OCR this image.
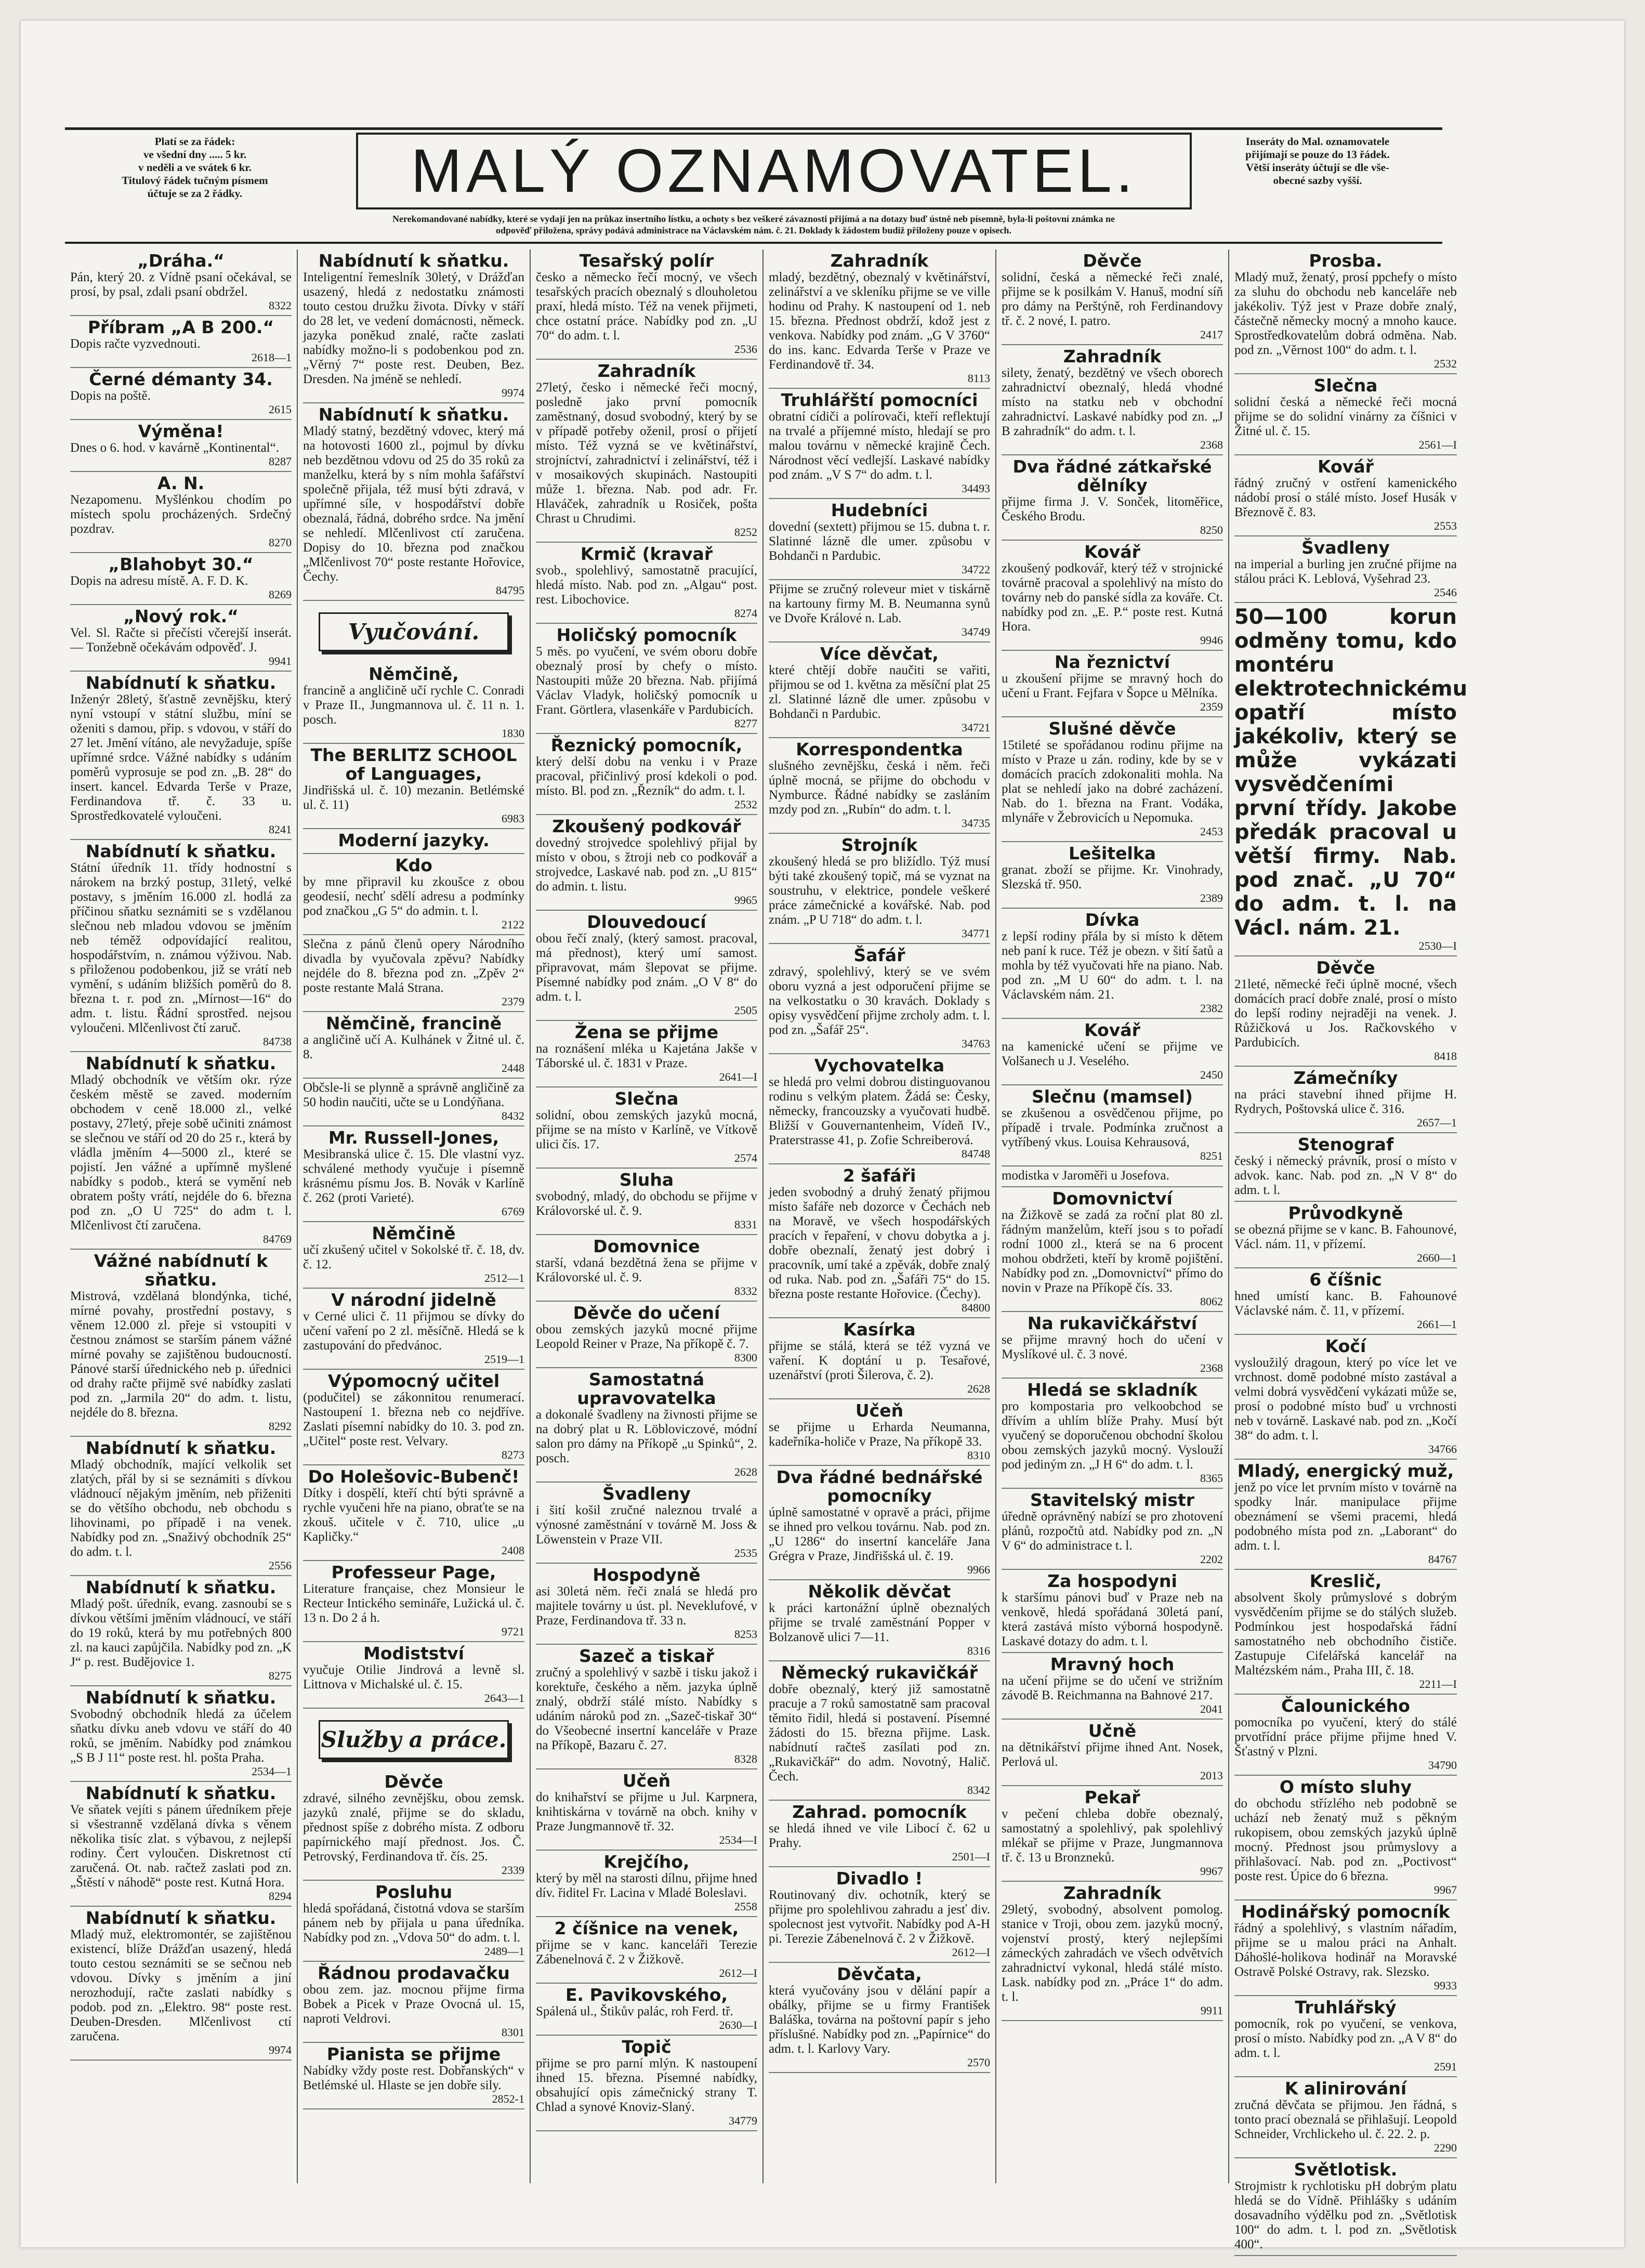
Platí se za řádek:
ve všední dny ..... 5 kr.
v neděli a ve svátek 6 kr.
Titulový řádek tučným písmem
účtuje se za 2 řádky.	MALÝ OZNAMOVATEL.	Inseráty do Mal. oznamovatele
přijímají se pouze do 13 řádek.
Větší inseráty účtují se dle vše-
obecné sazby vyšší.
Nerekomandované nabídky, které se vydají jen na průkaz insertního lístku, a ochoty s bez veškeré závaznosti přijímá a na dotazy buď ústně neb písemně, byla-li poštovní známka ne
odpověď přiložena, správy podává administrace na Václavském nám. č. 21. Doklady k žádostem budiž přiloženy pouze v opisech.
„Dráha.“

Pán, který 20. z Vídně psaní očekával, se prosí, by psal, zdali psaní obdržel.

8322
Příbram „A B 200.“

Dopis račte vyzvednouti.

2618—1
Černé démanty 34.

Dopis na poště.

2615
Výměna!

Dnes o 6. hod. v kavárně „Kontinental“.

8287
A. N.

Nezapomenu. Myšlénkou chodím po místech spolu procházených. Srdečný pozdrav.

8270
„Blahobyt 30.“

Dopis na adresu místě. A. F. D. K.

8269
„Nový rok.“

Vel. Sl. Račte si přečísti včerejší inserát. — Tonžebně očekávám odpověď. J.

9941
Nabídnutí k sňatku.

Inženýr 28letý, šťastně zevnějšku, který nyní vstoupí v státní službu, míní se oženiti s damou, přip. s vdovou, v stáří do 27 let. Jmění vítáno, ale nevyžaduje, spíše upřímné srdce. Vážné nabídky s udáním poměrů vyprosuje se pod zn. „B. 28“ do insert. kancel. Edvarda Terše v Praze, Ferdinandova tř. č. 33 u. Sprostředkovatelé vyloučeni.

8241
Nabídnutí k sňatku.

Státní úředník 11. třídy hodnostní s nárokem na brzký postup, 31letý, velké postavy, s jměním 16.000 zl. hodlá za příčinou sňatku seznámiti se s vzdělanou slečnou neb mladou vdovou se jměním neb téměž odpovídající realitou, hospodářstvím, n. známou výživou. Nab. s přiloženou podobenkou, již se vrátí neb vymění, s udáním bližších poměrů do 8. března t. r. pod zn. „Mírnost—16“ do adm. t. listu. Řádní sprostřed. nejsou vyloučeni. Mlčenlivost čtí zaruč.

84738
Nabídnutí k sňatku.

Mladý obchodník ve větším okr. rýze českém městě se zaved. moderním obchodem v ceně 18.000 zl., velké postavy, 27letý, přeje sobě učiniti známost se slečnou ve stáří od 20 do 25 r., která by vládla jměním 4—5000 zl., které se pojistí. Jen vážné a upřímně myšlené nabídky s podob., která se vymění neb obratem pošty vrátí, nejdéle do 6. března pod zn. „O U 725“ do adm t. l. Mlčenlivost čtí zaručena.

84769
Vážné nabídnutí k sňatku.

Mistrová, vzdělaná blondýnka, tiché, mírné povahy, prostřední postavy, s věnem 12.000 zl. přeje si vstoupiti v čestnou známost se starším pánem vážné mírné povahy se zajištěnou budoucností. Pánové starší úřednického neb p. úřednici od drahy račte přijmě své nabídky zaslati pod zn. „Jarmila 20“ do adm. t. listu, nejdéle do 8. března.

8292
Nabídnutí k sňatku.

Mladý obchodník, mající velkolik set zlatých, přál by si se seznámiti s dívkou vládnoucí nějakým jměním, neb přiženiti se do většího obchodu, neb obchodu s lihovinami, po případě i na venek. Nabídky pod zn. „Snaživý obchodník 25“ do adm. t. l.

2556
Nabídnutí k sňatku.

Mladý pošt. úředník, evang. zasnoubí se s dívkou většími jměním vládnoucí, ve stáří do 19 roků, která by mu potřebných 800 zl. na kauci zapůjčila. Nabídky pod zn. „K J“ p. rest. Budějovice 1.

8275
Nabídnutí k sňatku.

Svobodný obchodník hledá za účelem sňatku dívku aneb vdovu ve stáří do 40 roků, se jměním. Nabídky pod známkou „S B J 11“ poste rest. hl. pošta Praha.

2534—1
Nabídnutí k sňatku.

Ve sňatek vejíti s pánem úředníkem přeje si všestranně vzdělaná dívka s věnem několika tisíc zlat. s výbavou, z nejlepší rodiny. Čert vyloučen. Diskretnost ctí zaručená. Ot. nab. račtež zaslati pod zn. „Štěstí v náhodě“ poste rest. Kutná Hora.

8294
Nabídnutí k sňatku.

Mladý muž, elektromontér, se zajištěnou existencí, blíže Drážďan usazený, hledá touto cestou seznámiti se se sečnou neb vdovou. Dívky s jměním a jiní nerozhodují, račte zaslati nabídky s podob. pod zn. „Elektro. 98“ poste rest. Deuben-Dresden. Mlčenlivost ctí zaručena.

9974
Nabídnutí k sňatku.

Inteligentní řemeslník 30letý, v Drážďan usazený, hledá z nedostatku známosti touto cestou družku života. Dívky v stáří do 28 let, ve vedení domácnosti, německ. jazyka poněkud znalé, račte zaslati nabídky možno-li s podobenkou pod zn. „Věrný 7“ poste rest. Deuben, Bez. Dresden. Na jméně se nehledí.

9974
Nabídnutí k sňatku.

Mladý statný, bezdětný vdovec, který má na hotovosti 1600 zl., pojmul by dívku neb bezdětnou vdovu od 25 do 35 roků za manželku, která by s ním mohla šafářství společně přijala, též musí býti zdravá, v upřímné síle, v hospodářství dobře obeznalá, řádná, dobrého srdce. Na jmění se nehledí. Mlčenlivost ctí zaručena. Dopisy do 10. března pod značkou „Mlčenlivost 70“ poste restante Hořovice, Čechy.

84795
Vyučování.
Němčině,

francině a angličině učí rychle C. Conradi v Praze II., Jungmannova ul. č. 11 n. 1. posch.

1830
The BERLITZ SCHOOL of Languages,

Jindřišská ul. č. 10) mezanin. Betlémské ul. č. 11)

6983
Moderní jazyky.
Kdo

by mne připravil ku zkoušce z obou geodesií, nechť sdělí adresu a podmínky pod značkou „G 5“ do admin. t. l.

2122

Slečna z pánů členů opery Národního divadla by vyučovala zpěvu? Nabídky nejdéle do 8. března pod zn. „Zpěv 2“ poste restante Malá Strana.

2379
Němčině, francině

a angličině učí A. Kulhánek v Žitné ul. č. 8.

2448

Občsle-li se plynně a správně angličině za 50 hodin naučiti, učte se u Londýňana.

8432
Mr. Russell-Jones,

Mesibranská ulice č. 15. Dle vlastní vyz. schválené methody vyučuje i písemně krásnému písmu Jos. B. Novák v Karlíně č. 262 (proti Varieté).

6769
Němčině

učí zkušený učitel v Sokolské tř. č. 18, dv. č. 12.

2512—1
V národní jidelně

v Cerné ulici č. 11 přijmou se dívky do učení vaření po 2 zl. měsíčně. Hledá se k zastupování do předvánoc.

2519—1
Výpomocný učitel

(podučitel) se zákonnitou renumerací. Nastoupení 1. března neb co nejdříve. Zaslati písemní nabídky do 10. 3. pod zn. „Učitel“ poste rest. Velvary.

8273
Do Holešovic-Bubenč!

Dítky i dospělí, kteří chtí býti správně a rychle vyučeni hře na piano, obraťte se na zkouš. učitele v č. 710, ulice „u Kapličky.“

2408
Professeur Page,

Literature française, chez Monsieur le Recteur Intického semináře, Lužická ul. č. 13 n. Do 2 á h.

9721
Modistství

vyučuje Otilie Jindrová a levně sl. Littnova v Michalské ul. č. 15.

2643—1
Služby a práce.
Děvče

zdravé, silného zevnějšku, obou zemsk. jazyků znalé, přijme se do skladu, přednost spíše z dobrého místa. Z odboru papírnického mají přednost. Jos. Č. Petrovský, Ferdinandova tř. čís. 25.

2339
Posluhu

hledá spořádaná, čistotná vdova se starším pánem neb by přijala u pana úředníka. Nabídky pod zn. „Vdova 50“ do adm. t. l.

2489—1
Řádnou prodavačku

obou zem. jaz. mocnou přijme firma Bobek a Picek v Praze Ovocná ul. 15, naproti Veldrovi.

8301
Pianista se přijme

Nabídky vždy poste rest. Dobřanských“ v Betlémské ul. Hlaste se jen dobře sily.

2852-1
Tesařský polír

česko a německo řečí mocný, ve všech tesařských pracích obeznalý s dlouholetou praxí, hledá místo. Též na venek přijmeti, chce ostatní práce. Nabídky pod zn. „U 70“ do adm. t. l.

2536
Zahradník

27letý, česko i německé řeči mocný, posledně jako první pomocník zaměstnaný, dosud svobodný, který by se v případě potřeby oženil, prosí o přijetí místo. Též vyzná se ve květinářství, strojníctví, zahradnictví i zelinářství, též i v mosaikových skupinách. Nastoupiti může 1. března. Nab. pod adr. Fr. Hlaváček, zahradník u Rosiček, pošta Chrast u Chrudimi.

8252
Krmič (kravař

svob., spolehlivý, samostatně pracující, hledá místo. Nab. pod zn. „Algau“ post. rest. Libochovice.

8274
Holičský pomocník

5 měs. po vyučení, ve svém oboru dobře obeznalý prosí by chefy o místo. Nastoupiti může 20 března. Nab. přijímá Václav Vladyk, holičský pomocník u Frant. Görtlera, vlasenkáře v Pardubicích.

8277
Řeznický pomocník,

který delší dobu na venku i v Praze pracoval, přičinlivý prosí kdekoli o pod. místo. Bl. pod zn. „Řezník“ do adm. t. l.

2532
Zkoušený podkovář

dovedný strojvedce spolehlivý přijal by místo v obou, s žtroji neb co podkovář a strojvedce, Laskavé nab. pod zn. „U 815“ do admin. t. listu.

9965
Dlouvedoucí

obou řečí znalý, (který samost. pracoval, má přednost), který umí samost. připravovat, mám šlepovat se přijme. Písemné nabídky pod znám. „O V 8“ do adm. t. l.

2505
Žena se přijme

na roznášení mléka u Kajetána Jakše v Táborské ul. č. 1831 v Praze.

2641—I
Slečna

solidní, obou zemských jazyků mocná, přijme se na místo v Karlíně, ve Vítkově ulici čís. 17.

2574
Sluha

svobodný, mladý, do obchodu se přijme v Královorské ul. č. 9.

8331
Domovnice

starší, vdaná bezdětná žena se přijme v Královorské ul. č. 9.

8332
Děvče do učení

obou zemských jazyků mocné přijme Leopold Reiner v Praze, Na příkopě č. 7.

8300
Samostatná upravovatelka

a dokonalé švadleny na živnosti přijme se na dobrý plat u R. Löbloviczové, módní salon pro dámy na Příkopě „u Spinků“, 2. posch.

2628
Švadleny

i šití košil zručné naleznou trvalé a výnosné zaměstnání v továrně M. Joss & Löwenstein v Praze VII.

2535
Hospodyně

asi 30letá něm. řeči znalá se hledá pro majitele továrny u úst. pl. Neveklufové, v Praze, Ferdinandova tř. 33 n.

8253
Sazeč a tiskař

zručný a spolehlivý v sazbě i tisku jakož i korektuře, českého a něm. jazyka úplně znalý, obdrží stálé místo. Nabídky s udáním nároků pod zn. „Sazeč-tiskař 30“ do Všeobecné insertní kanceláře v Praze na Příkopě, Bazaru č. 27.

8328
Učeň

do knihařství se přijme u Jul. Karpnera, knihtiskárna v továrně na obch. knihy v Praze Jungmannově tř. 32.

2534—I
Krejčího,

který by měl na starosti dílnu, přijme hned dív. řiditel Fr. Lacina v Mladé Boleslavi.

2558
2 číšnice na venek,

přijme se v kanc. kanceláři Terezie Zábenelnová č. 2 v Žižkově.

2612—I
E. Pavikovského,

Spálená ul., Štikův palác, roh Ferd. tř.

2630—I
Topič

přijme se pro parní mlýn. K nastoupení ihned 15. března. Písemné nabídky, obsahující opis zámečnický strany T. Chlad a synové Knoviz-Slaný.

34779
Zahradník

mladý, bezdětný, obeznalý v květinářství, zelinářství a ve skleníku přijme se ve ville hodinu od Prahy. K nastoupení od 1. neb 15. března. Přednost obdrží, kdož jest z venkova. Nabídky pod znám. „G V 3760“ do ins. kanc. Edvarda Terše v Praze ve Ferdinandově tř. 34.

8113
Truhlářští pomocníci

obratní cídiči a polírovači, kteří reflektují na trvalé a příjemné místo, hledají se pro malou továrnu v německé krajině Čech. Národnost věcí vedlejší. Laskavé nabídky pod znám. „V S 7“ do adm. t. l.

34493
Hudebníci

dovední (sextett) přijmou se 15. dubna t. r. Slatinné lázně dle umer. způsobu v Bohdanči n Pardubic.

34722

Přijme se zručný roleveur miet v tiskárně na kartouny firmy M. B. Neumanna synů ve Dvoře Králové n. Lab.

34749
Více děvčat,

které chtějí dobře naučiti se vařiti, přijmou se od 1. května za měsíční plat 25 zl. Slatinné lázně dle umer. způsobu v Bohdanči n Pardubic.

34721
Korrespondentka

slušného zevnějšku, česká i něm. řeči úplně mocná, se přijme do obchodu v Nymburce. Řádné nabídky se zasláním mzdy pod zn. „Rubín“ do adm. t. l.

34735
Strojník

zkoušený hledá se pro bližídlo. Týž musí býti také zkoušený topič, má se vyznat na soustruhu, v elektrice, pondele veškeré práce zámečnické a kovářské. Nab. pod znám. „P U 718“ do adm. t. l.

34771
Šafář

zdravý, spolehlivý, který se ve svém oboru vyzná a jest odporučení přijme se na velkostatku o 30 kravách. Doklady s opisy vysvědčení přijme zrcholy adm. t. l. pod zn. „Šafář 25“.

34763
Vychovatelka

se hledá pro velmi dobrou distinguovanou rodinu s velkým platem. Žádá se: Česky, německy, francouzsky a vyučovati hudbě. Bližší v Gouvernantenheim, Vídeň IV., Praterstrasse 41, p. Zofie Schreiberová.

84748
2 šafáři

jeden svobodný a druhý ženatý přijmou místo šafáře neb dozorce v Čechách neb na Moravě, ve všech hospodářských pracích v řepaření, v chovu dobytka a j. dobře obeznalí, ženatý jest dobrý i pracovník, umí také a zpěvák, dobře znalý od ruka. Nab. pod zn. „Šafáři 75“ do 15. března poste restante Hořovice. (Čechy).

84800
Kasírka

přijme se stálá, která se též vyzná ve vaření. K doptání u p. Tesařové, uzenářství (proti Šilerova, č. 2).

2628
Učeň

se přijme u Erharda Neumanna, kadeřníka-holiče v Praze, Na příkopě 33.

8310
Dva řádné bednářské pomocníky

úplně samostatné v opravě a práci, přijme se ihned pro velkou továrnu. Nab. pod zn. „U 1286“ do insertní kanceláře Jana Grégra v Praze, Jindřišská ul. č. 19.

9966
Několik děvčat

k práci kartonážní úplně obeznalých přijme se trvalé zaměstnání Popper v Bolzanově ulici 7—11.

8316
Německý rukavičkář

dobře obeznalý, který již samostatně pracuje a 7 roků samostatně sam pracoval těmito řidil, hledá si postavení. Písemné žádosti do 15. března přijme. Lask. nabídnutí račteš zasílati pod zn. „Rukavičkář“ do adm. Novotný, Halič. Čech.

8342
Zahrad. pomocník

se hledá ihned ve vile Libocí č. 62 u Prahy.

2501—I
Divadlo !

Routinovaný div. ochotník, který se přijme pro spolehlivou zahradu a jesť div. spolecnost jest vytvořit. Nabídky pod A-H pi. Terezie Zábenelnová č. 2 v Žižkově.

2612—I
Děvčata,

která vyučovány jsou v dělání papír a obálky, přijme se u firmy František Baláška, továrna na poštovní papír s jeho příslušné. Nabídky pod zn. „Papírnice“ do adm. t. l. Karlovy Vary.

2570
Děvče

solidní, česká a německé řeči znalé, přijme se k posilkám V. Hanuš, modní síň pro dámy na Perštýně, roh Ferdinandovy tř. č. 2 nové, I. patro.

2417
Zahradník

silety, ženatý, bezdětný ve všech oborech zahradnictví obeznalý, hledá vhodné místo na statku neb v obchodní zahradnictví. Laskavé nabídky pod zn. „J B zahradník“ do adm. t. l.

2368
Dva řádné zátkařské dělníky

přijme firma J. V. Sonček, litoměřice, Českého Brodu.

8250
Kovář

zkoušený podkovář, který též v strojnické továrně pracoval a spolehlivý na místo do továrny neb do panské sídla za kováře. Ct. nabídky pod zn. „E. P.“ poste rest. Kutná Hora.

9946
Na řeznictví

u zkoušení přijme se mravný hoch do učení u Frant. Fejfara v Šopce u Mělníka.

2359
Slušné děvče

15tileté se spořádanou rodinu přijme na místo v Praze u zán. rodiny, kde by se v domácích pracích zdokonaliti mohla. Na plat se nehledí jako na dobré zacházení. Nab. do 1. března na Frant. Vodáka, mlynáře v Žebrovicích u Nepomuka.

2453
Lešitelka

granat. zboží se přijme. Kr. Vinohrady, Slezská tř. 950.

2389
Dívka

z lepší rodiny přála by si místo k dětem neb paní k ruce. Též je obezn. v šití šatů a mohla by též vyučovati hře na piano. Nab. pod zn. „M U 60“ do adm. t. l. na Václavském nám. 21.

2382
Kovář

na kamenické učení se přijme ve Volšanech u J. Veselého.

2450
Slečnu (mamsel)

se zkušenou a osvědčenou přijme, po případě i trvale. Podmínka zručnost a vytříbený vkus. Louisa Kehrausová,

8251

modistka v Jaroměři u Josefova.

Domovnictví

na Žižkově se zadá za roční plat 80 zl. řádným manželům, kteří jsou s to pořadí rodní 1000 zl., která se na 6 procent mohou obdržeti, kteří by kromě pojištění. Nabídky pod zn. „Domovnictví“ přímo do novin v Praze na Příkopě čís. 33.

8062
Na rukavičkářství

se přijme mravný hoch do učení v Myslíkové ul. č. 3 nové.

2368
Hledá se skladník

pro kompostaria pro velkoobchod se dřívím a uhlím blíže Prahy. Musí být vyučený se doporučenou obchodní školou obou zemských jazyků mocný. Vyslouží pod jediným zn. „J H 6“ do adm. t. l.

8365
Stavitelský mistr

úředně oprávněný nabízí se pro zhotovení plánů, rozpočtů atd. Nabídky pod zn. „N V 6“ do administrace t. l.

2202
Za hospodyni

k staršímu pánovi buď v Praze neb na venkově, hledá spořádaná 30letá paní, která zastává místo výborná hospodyně. Laskavé dotazy do adm. t. l.

Mravný hoch

na učení přijme se do učení ve strižním závodě B. Reichmanna na Bahnové 217.

2041
Učně

na dětnikářství přijme ihned Ant. Nosek, Perlová ul.

2013
Pekař

v pečení chleba dobře obeznalý, samostatný a spolehlivý, pak spolehlivý mlékař se přijme v Praze, Jungmannova tř. č. 13 u Bronzneků.

9967
Zahradník

29letý, svobodný, absolvent pomolog. stanice v Troji, obou zem. jazyků mocný, vojenství prostý, který nejlepšími zámeckých zahradách ve všech odvětvích zahradnictví vykonal, hledá stálé místo. Lask. nabídky pod zn. „Práce 1“ do adm. t. l.

9911
Prosba.

Mladý muž, ženatý, prosí ppchefy o místo za sluhu do obchodu neb kanceláře neb jakékoliv. Týž jest v Praze dobře znalý, částečně německy mocný a mnoho kauce. Sprostředkovatelům dobrá odměna. Nab. pod zn. „Věrnost 100“ do adm. t. l.

2532
Slečna

solidní česká a německé řeči mocná přijme se do solidní vinárny za číšnici v Žitné ul. č. 15.

2561—I
Kovář

řádný zručný v ostření kamenického nádobí prosí o stálé místo. Josef Husák v Březnově č. 83.

2553
Švadleny

na imperial a burling jen zručné přijme na stálou práci K. Leblová, Vyšehrad 23.

2546
50—100 korun odměny tomu, kdo montéru elektrotechnickému opatří místo jakékoliv, který se může vykázati vysvědčeními první třídy. Jakobe předák pracoval u větší firmy. Nab. pod znač. „U 70“ do adm. t. l. na Václ. nám. 21.
2530—I
Děvče

21leté, německé řeči úplně mocné, všech domácích prací dobře znalé, prosí o místo do lepší rodiny nejraději na venek. J. Růžičková u Jos. Račkovského v Pardubicích.

8418
Zámečníky

na práci stavební ihned přijme H. Rydrych, Poštovská ulice č. 316.

2657—1
Stenograf

český i německý právník, prosí o místo v advok. kanc. Nab. pod zn. „N V 8“ do adm. t. l.

Průvodkyně

se obezná přijme se v kanc. B. Fahounové, Václ. nám. 11, v přízemí.

2660—1
6 číšnic

hned umístí kanc. B. Fahounové Václavské nám. č. 11, v přízemí.

2661—1
Kočí

vysloužilý dragoun, který po více let ve vrchnost. domě podobné místo zastával a velmi dobrá vysvědčení vykázati může se, prosí o podobné místo buď u vrchnosti neb v továrně. Laskavé nab. pod zn. „Kočí 38“ do adm. t. l.

34766
Mladý, energický muž,

jenž po více let prvním místo v továrně na spodky lnár. manipulace přijme obeznámení se všemi pracemi, hledá podobného místa pod zn. „Laborant“ do adm. t. l.

84767
Kreslič,

absolvent školy průmyslové s dobrým vysvědčením přijme se do stálých služeb. Podmínkou jest hospodařská řádní samostatného neb obchodního čističe. Zastupuje Cifelářská kancelář na Maltézském nám., Praha III, č. 18.

2211—I
Čalounického

pomocníka po vyučení, který do stálé prvotřídní práce přijme přijme hned V. Šťastný v Plzni.

34790
O místo sluhy

do obchodu střízlého neb podobně se uchází neb ženatý muž s pěkným rukopisem, obou zemských jazyků úplně mocný. Přednost jsou průmyslovy a přihlašovací. Nab. pod zn. „Poctivost“ poste rest. Úpice do 6 března.

9967
Hodinářský pomocník

řádný a spolehlivý, s vlastním nářadím, přijme se u malou práci na Anhalt. Dáhošlé-holikova hodinář na Moravské Ostravě Polské Ostravy, rak. Slezsko.

9933
Truhlářský

pomocník, rok po vyučení, se venkova, prosí o místo. Nabídky pod zn. „A V 8“ do adm. t. l.

2591
K alinirování

zručná děvčata se přijmou. Jen řádná, s tonto prací obeznalá se přihlašují. Leopold Schneider, Vrchlickeho ul. č. 22. 2. p.

2290
Světlotisk.

Strojmistr k rychlotisku pH dobrým platu hledá se do Vídně. Přihlášky s udáním dosavadního výdělku pod zn. „Světlotisk 100“ do adm. t. l. pod zn. „Světlotisk 400“.
